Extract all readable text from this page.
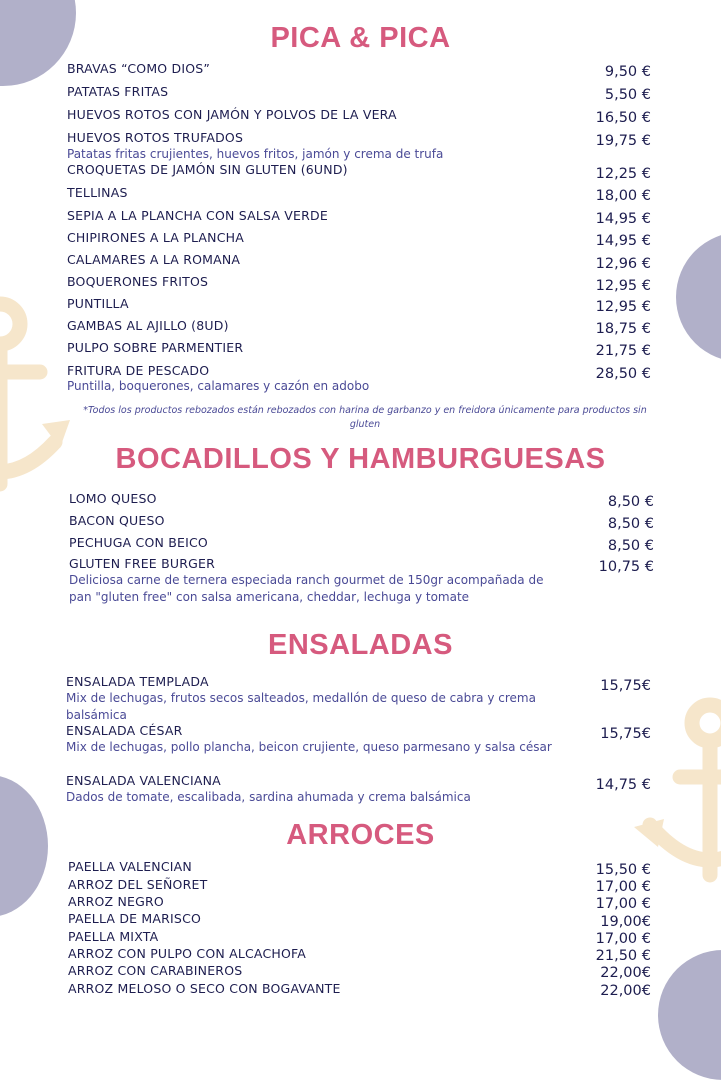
PICA & PICA
BRAVAS “COMO DIOS”	9,50 €
PATATAS FRITAS	5,50 €
HUEVOS ROTOS CON JAMÓN Y POLVOS DE LA VERA	16,50 €
HUEVOS ROTOS TRUFADOS	19,75 €
Patatas fritas crujientes, huevos fritos, jamón y crema de trufa
CROQUETAS DE JAMÓN SIN GLUTEN (6UND)	12,25 €
TELLINAS	18,00 €
SEPIA A LA PLANCHA CON SALSA VERDE	14,95 €
CHIPIRONES A LA PLANCHA	14,95 €
CALAMARES A LA ROMANA	12,96 €
BOQUERONES FRITOS	12,95 €
PUNTILLA	12,95 €
GAMBAS AL AJILLO (8UD)	18,75 €
PULPO SOBRE PARMENTIER	21,75 €
FRITURA DE PESCADO	28,50 €
Puntilla, boquerones, calamares y cazón en adobo
*Todos los productos rebozados están rebozados con harina de garbanzo y en freidora únicamente para productos sin gluten
BOCADILLOS Y HAMBURGUESAS
LOMO QUESO	8,50 €
BACON QUESO	8,50 €
PECHUGA CON BEICO	8,50 €
GLUTEN FREE BURGER	10,75 €
Deliciosa carne de ternera especiada ranch gourmet de 150gr acompañada de pan "gluten free" con salsa americana, cheddar, lechuga y tomate
ENSALADAS
ENSALADA TEMPLADA	15,75€
Mix de lechugas, frutos secos salteados, medallón de queso de cabra y crema balsámica
ENSALADA CÉSAR	15,75€
Mix de lechugas, pollo plancha, beicon crujiente, queso parmesano y salsa césar
ENSALADA VALENCIANA	14,75 €
Dados de tomate, escalibada, sardina ahumada y crema balsámica
ARROCES
PAELLA VALENCIAN	15,50 €
ARROZ DEL SEÑORET	17,00 €
ARROZ NEGRO	17,00 €
PAELLA DE MARISCO	19,00€
PAELLA MIXTA	17,00 €
ARROZ CON PULPO CON ALCACHOFA	21,50 €
ARROZ CON CARABINEROS	22,00€
ARROZ MELOSO O SECO CON BOGAVANTE	22,00€
